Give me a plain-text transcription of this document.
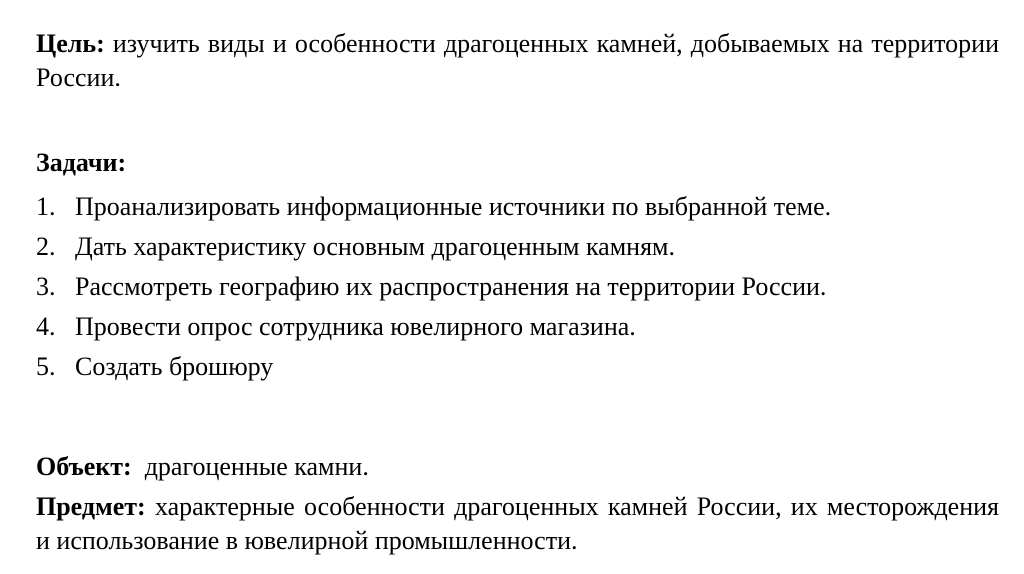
Цель: изучить виды и особенности драгоценных камней, добываемых на территории России.
Задачи:
1. Проанализировать информационные источники по выбранной теме.
2. Дать характеристику основным драгоценным камням.
3. Рассмотреть географию их распространения на территории России.
4. Провести опрос сотрудника ювелирного магазина.
5. Создать брошюру
Объект:  драгоценные камни.
Предмет: характерные особенности драгоценных камней России, их месторождения и использование в ювелирной промышленности.
